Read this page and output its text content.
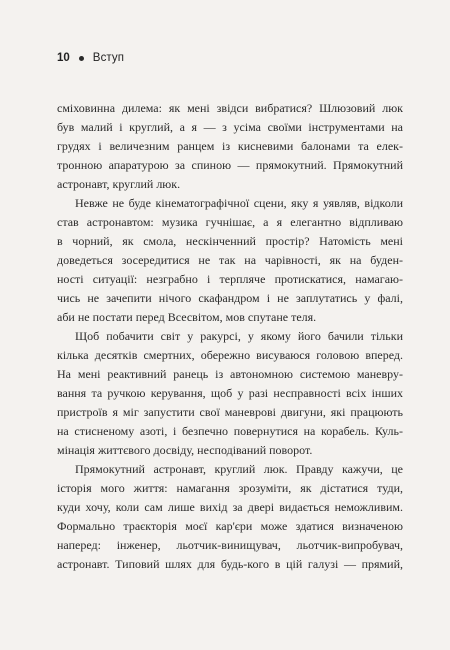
10 Вступ
сміховинна дилема: як мені звідси вибратися? Шлюзовий люк
був малий і круглий, а я — з усіма своїми інструментами на
грудях і величезним ранцем із кисневими балонами та елек-
тронною апаратурою за спиною — прямокутний. Прямокутний
астронавт, круглий люк.
Невже не буде кінематографічної сцени, яку я уявляв, відколи
став астронавтом: музика гучнішає, а я елегантно відпливаю
в чорний, як смола, нескінченний простір? Натомість мені
доведеться зосередитися не так на чарівності, як на буден-
ності ситуації: незграбно і терпляче протискатися, намагаю-
чись не зачепити нічого скафандром і не заплутатись у фалі,
аби не постати перед Всесвітом, мов спутане теля.
Щоб побачити світ у ракурсі, у якому його бачили тільки
кілька десятків смертних, обережно висуваюся головою вперед.
На мені реактивний ранець із автономною системою маневру-
вання та ручкою керування, щоб у разі несправності всіх інших
пристроїв я міг запустити свої маневрові двигуни, які працюють
на стисненому азоті, і безпечно повернутися на корабель. Куль-
мінація життєвого досвіду, несподіваний поворот.
Прямокутний астронавт, круглий люк. Правду кажучи, це
історія мого життя: намагання зрозуміти, як дістатися туди,
куди хочу, коли сам лише вихід за двері видається неможливим.
Формально траєкторія моєї кар'єри може здатися визначеною
наперед: інженер, льотчик-винищувач, льотчик-випробувач,
астронавт. Типовий шлях для будь-кого в цій галузі — прямий,
